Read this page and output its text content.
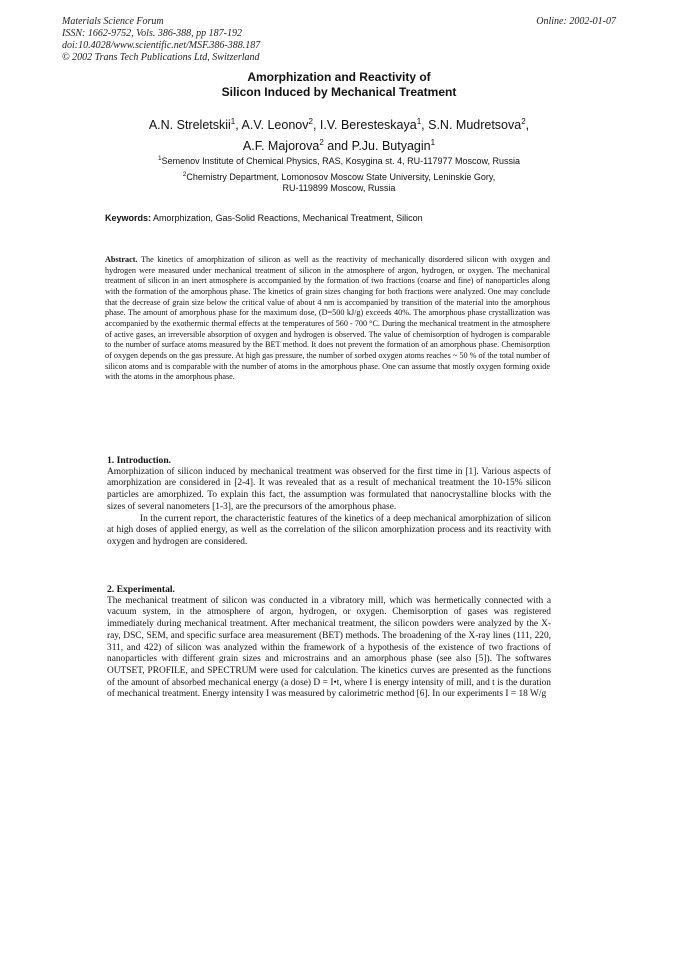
Materials Science Forum
ISSN: 1662-9752, Vols. 386-388, pp 187-192
doi:10.4028/www.scientific.net/MSF.386-388.187
© 2002 Trans Tech Publications Ltd, Switzerland
Online: 2002-01-07
Amorphization and Reactivity of
Silicon Induced by Mechanical Treatment
A.N. Streletskii$^1$, A.V. Leonov$^2$, I.V. Beresteskaya$^1$, S.N. Mudretsova$^2$,
A.F. Majorova$^2$ and P.Ju. Butyagin$^1$
$^1$Semenov Institute of Chemical Physics, RAS, Kosygina st. 4, RU-117977 Moscow, Russia
$^2$Chemistry Department, Lomonosov Moscow State University, Leninskie Gory,
RU-119899 Moscow, Russia
Keywords: Amorphization, Gas-Solid Reactions, Mechanical Treatment, Silicon
Abstract. The kinetics of amorphization of silicon as well as the reactivity of mechanically disordered silicon with oxygen and hydrogen were measured under mechanical treatment of silicon in the atmosphere of argon, hydrogen, or oxygen. The mechanical treatment of silicon in an inert atmosphere is accompanied by the formation of two fractions (coarse and fine) of nanoparticles along with the formation of the amorphous phase. The kinetics of grain sizes changing for both fractions were analyzed. One may conclude that the decrease of grain size below the critical value of about 4 nm is accompanied by transition of the material into the amorphous phase. The amount of amorphous phase for the maximum dose, (D=500 kJ/g) exceeds 40%. The amorphous phase crystallization was accompanied by the exothermic thermal effects at the temperatures of 560 - 700 °C. During the mechanical treatment in the atmosphere of active gases, an irreversible absorption of oxygen and hydrogen is observed. The value of chemisorption of hydrogen is comparable to the number of surface atoms measured by the BET method. It does not prevent the formation of an amorphous phase. Chemisorption of oxygen depends on the gas pressure. At high gas pressure, the number of sorbed oxygen atoms reaches ~ 50 % of the total number of silicon atoms and is comparable with the number of atoms in the amorphous phase. One can assume that mostly oxygen forming oxide with the atoms in the amorphous phase.
1. Introduction.

Amorphization of silicon induced by mechanical treatment was observed for the first time in [1]. Various aspects of amorphization are considered in [2-4]. It was revealed that as a result of mechanical treatment the 10-15% silicon particles are amorphized. To explain this fact, the assumption was formulated that nanocrystalline blocks with the sizes of several nanometers [1-3], are the precursors of the amorphous phase.

In the current report, the characteristic features of the kinetics of a deep mechanical amorphization of silicon at high doses of applied energy, as well as the correlation of the silicon amorphization process and its reactivity with oxygen and hydrogen are considered.

2. Experimental.

The mechanical treatment of silicon was conducted in a vibratory mill, which was hermetically connected with a vacuum system, in the atmosphere of argon, hydrogen, or oxygen. Chemisorption of gases was registered immediately during mechanical treatment. After mechanical treatment, the silicon powders were analyzed by the X-ray, DSC, SEM, and specific surface area measurement (BET) methods. The broadening of the X-ray lines (111, 220, 311, and 422) of silicon was analyzed within the framework of a hypothesis of the existence of two fractions of nanoparticles with different grain sizes and microstrains and an amorphous phase (see also [5]). The softwares OUTSET, PROFILE, and SPECTRUM were used for calculation. The kinetics curves are presented as the functions of the amount of absorbed mechanical energy (a dose) D = I•t, where I is energy intensity of mill, and t is the duration of mechanical treatment. Energy intensity I was measured by calorimetric method [6]. In our experiments I = 18 W/g
